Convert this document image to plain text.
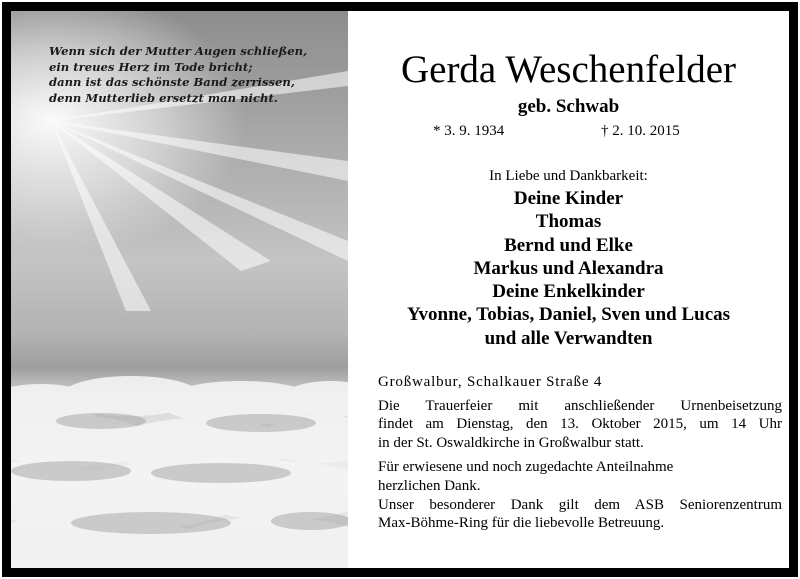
Wenn sich der Mutter Augen schließen,
ein treues Herz im Tode bricht;
dann ist das schönste Band zerrissen,
denn Mutterlieb ersetzt man nicht.

Gerda Weschenfelder
geb. Schwab
* 3. 9. 1934	† 2. 10. 2015
In Liebe und Dankbarkeit:
Deine Kinder
Thomas
Bernd und Elke
Markus und Alexandra
Deine Enkelkinder
Yvonne, Tobias, Daniel, Sven und Lucas
und alle Verwandten

Großwalbur, Schalkauer Straße 4

Die Trauerfeier mit anschließender Urnenbeisetzung
findet am Dienstag, den 13. Oktober 2015, um 14 Uhr
in der St. Oswaldkirche in Großwalbur statt.

Für erwiesene und noch zugedachte Anteilnahme
herzlichen Dank.
Unser besonderer Dank gilt dem ASB Seniorenzentrum
Max-Böhme-Ring für die liebevolle Betreuung.
